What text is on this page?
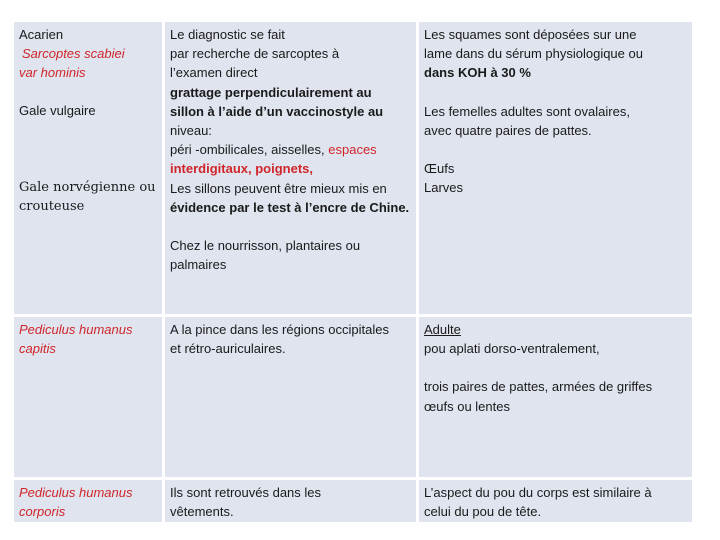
Acarien
Sarcoptes scabiei
var hominis
Gale vulgaire
Gale norvégienne ou
crouteuse
Le diagnostic se fait
par recherche de sarcoptes à
l’examen direct
grattage perpendiculairement au
sillon à l’aide d’un vaccinostyle au
niveau:
péri -ombilicales, aisselles, espaces
interdigitaux, poignets,
Les sillons peuvent être mieux mis en
évidence par le test à l’encre de Chine.
Chez le nourrisson, plantaires ou
palmaires
Les squames sont déposées sur une
lame dans du sérum physiologique ou
dans KOH à 30 %
Les femelles adultes sont ovalaires,
avec quatre paires de pattes.
Œufs
Larves
Pediculus humanus
capitis
A la pince dans les régions occipitales
et rétro-auriculaires.
Adulte
pou aplati dorso-ventralement,
trois paires de pattes, armées de griffes
œufs ou lentes
Pediculus humanus
corporis
Ils sont retrouvés dans les
vêtements.
L’aspect du pou du corps est similaire à
celui du pou de tête.
